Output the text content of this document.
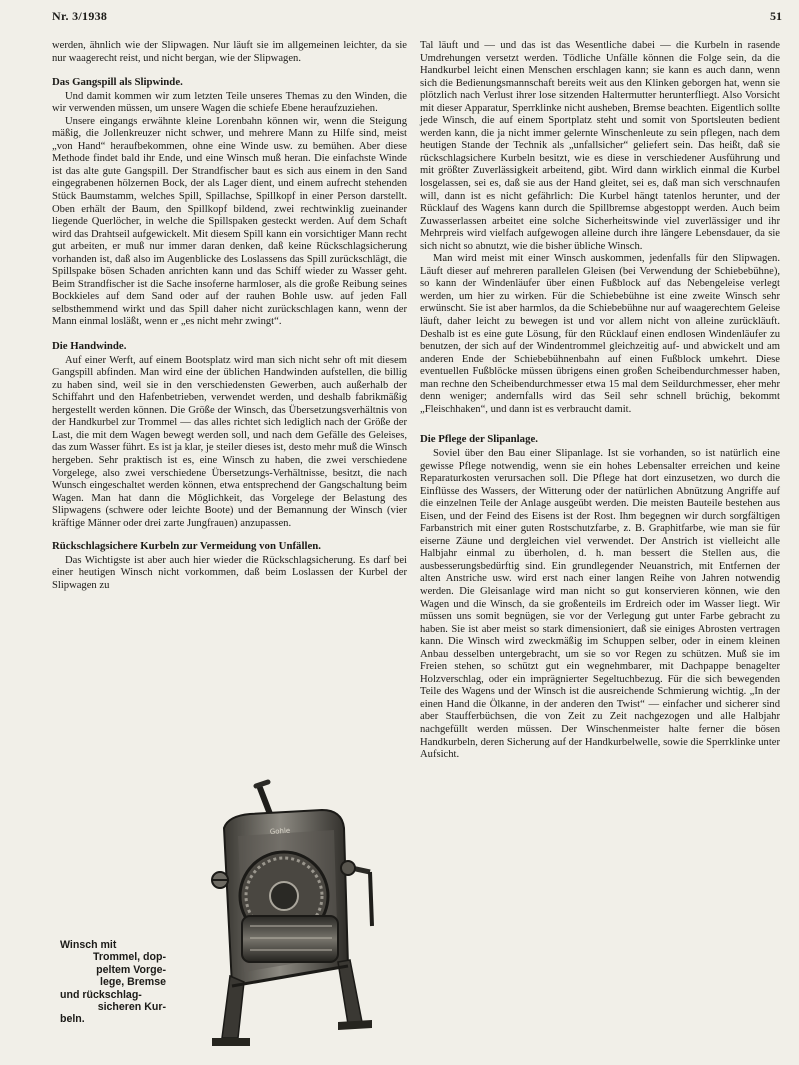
Nr. 3/1938	51

werden, ähnlich wie der Slipwagen. Nur läuft sie im allgemeinen leichter, da sie nur waagerecht reist, und nicht bergan, wie der Slipwagen.

Das Gangspill als Slipwinde.

Und damit kommen wir zum letzten Teile unseres Themas zu den Winden, die wir verwenden müssen, um unsere Wagen die schiefe Ebene heraufzuziehen.

Unsere eingangs erwähnte kleine Lorenbahn können wir, wenn die Steigung mäßig, die Jollenkreuzer nicht schwer, und mehrere Mann zu Hilfe sind, meist „von Hand“ heraufbekommen, ohne eine Winde usw. zu bemühen. Aber diese Methode findet bald ihr Ende, und eine Winsch muß heran. Die einfachste Winde ist das alte gute Gangspill. Der Strandfischer baut es sich aus einem in den Sand eingegrabenen hölzernen Bock, der als Lager dient, und einem aufrecht stehenden Stück Baumstamm, welches Spill, Spillachse, Spillkopf in einer Person darstellt. Oben erhält der Baum, den Spillkopf bildend, zwei rechtwinklig zueinander liegende Querlöcher, in welche die Spillspaken gesteckt werden. Auf dem Schaft wird das Drahtseil aufgewickelt. Mit diesem Spill kann ein vorsichtiger Mann recht gut arbeiten, er muß nur immer daran denken, daß keine Rückschlagsicherung vorhanden ist, daß also im Augenblicke des Loslassens das Spill zurückschlägt, die Spillspake bösen Schaden anrichten kann und das Schiff wieder zu Wasser geht. Beim Strandfischer ist die Sache insoferne harmloser, als die große Reibung seines Bockkieles auf dem Sand oder auf der rauhen Bohle usw. auf jeden Fall selbsthemmend wirkt und das Spill daher nicht zurückschlagen kann, wenn der Mann einmal losläßt, wenn er „es nicht mehr zwingt“.

Die Handwinde.

Auf einer Werft, auf einem Bootsplatz wird man sich nicht sehr oft mit diesem Gangspill abfinden. Man wird eine der üblichen Handwinden aufstellen, die billig zu haben sind, weil sie in den verschiedensten Gewerben, auch außerhalb der Schiffahrt und den Hafenbetrieben, verwendet werden, und deshalb fabrikmäßig hergestellt werden können. Die Größe der Winsch, das Übersetzungsverhältnis von der Handkurbel zur Trommel — das alles richtet sich lediglich nach der Größe der Last, die mit dem Wagen bewegt werden soll, und nach dem Gefälle des Geleises, das zum Wasser führt. Es ist ja klar, je steiler dieses ist, desto mehr muß die Winsch hergeben. Sehr praktisch ist es, eine Winsch zu haben, die zwei verschiedene Vorgelege, also zwei verschiedene Übersetzungs-Verhältnisse, besitzt, die nach Wunsch eingeschaltet werden können, etwa entsprechend der Gangschaltung beim Wagen. Man hat dann die Möglichkeit, das Vorgelege der Belastung des Slipwagens (schwere oder leichte Boote) und der Bemannung der Winsch (vier kräftige Männer oder drei zarte Jungfrauen) anzupassen.

Rückschlagsichere Kurbeln zur Vermeidung von Unfällen.

Das Wichtigste ist aber auch hier wieder die Rückschlagsicherung. Es darf bei einer heutigen Winsch nicht vorkommen, daß beim Loslassen der Kurbel der Slipwagen zu

Tal läuft und — und das ist das Wesentliche dabei — die Kurbeln in rasende Umdrehungen versetzt werden. Tödliche Unfälle können die Folge sein, da die Handkurbel leicht einen Menschen erschlagen kann; sie kann es auch dann, wenn sich die Bedienungsmannschaft bereits weit aus den Klinken geborgen hat, wenn sie plötzlich nach Verlust ihrer lose sitzenden Haltermutter herunterfliegt. Also Vorsicht mit dieser Apparatur, Sperrklinke nicht ausheben, Bremse beachten. Eigentlich sollte jede Winsch, die auf einem Sportplatz steht und somit von Sportsleuten bedient werden kann, die ja nicht immer gelernte Winschenleute zu sein pflegen, nach dem heutigen Stande der Technik als „unfallsicher“ geliefert sein. Das heißt, daß sie rückschlagsichere Kurbeln besitzt, wie es diese in verschiedener Ausführung und mit größter Zuverlässigkeit arbeitend, gibt. Wird dann wirklich einmal die Kurbel losgelassen, sei es, daß sie aus der Hand gleitet, sei es, daß man sich verschnaufen will, dann ist es nicht gefährlich: Die Kurbel hängt tatenlos herunter, und der Rücklauf des Wagens kann durch die Spillbremse abgestoppt werden. Auch beim Zuwasserlassen arbeitet eine solche Sicherheitswinde viel zuverlässiger und ihr Mehrpreis wird vielfach aufgewogen alleine durch ihre längere Lebensdauer, da sie sich nicht so abnutzt, wie die bisher übliche Winsch.

Man wird meist mit einer Winsch auskommen, jedenfalls für den Slipwagen. Läuft dieser auf mehreren parallelen Gleisen (bei Verwendung der Schiebebühne), so kann der Windenläufer über einen Fußblock auf das Nebengeleise verlegt werden, um hier zu wirken. Für die Schiebebühne ist eine zweite Winsch sehr erwünscht. Sie ist aber harmlos, da die Schiebebühne nur auf waagerechtem Geleise läuft, daher leicht zu bewegen ist und vor allem nicht von alleine zurückläuft. Deshalb ist es eine gute Lösung, für den Rücklauf einen endlosen Windenläufer zu benutzen, der sich auf der Windentrommel gleichzeitig auf- und abwickelt und am anderen Ende der Schiebebühnenbahn auf einen Fußblock umkehrt. Diese eventuellen Fußblöcke müssen übrigens einen großen Scheibendurchmesser haben, man rechne den Scheibendurchmesser etwa 15 mal dem Seildurchmesser, eher mehr denn weniger; andernfalls wird das Seil sehr schnell brüchig, bekommt „Fleischhaken“, und dann ist es verbraucht damit.

Die Pflege der Slipanlage.

Soviel über den Bau einer Slipanlage. Ist sie vorhanden, so ist natürlich eine gewisse Pflege notwendig, wenn sie ein hohes Lebensalter erreichen und keine Reparaturkosten verursachen soll. Die Pflege hat dort einzusetzen, wo durch die Einflüsse des Wassers, der Witterung oder der natürlichen Abnützung Angriffe auf die einzelnen Teile der Anlage ausgeübt werden. Die meisten Bauteile bestehen aus Eisen, und der Feind des Eisens ist der Rost. Ihm begegnen wir durch sorgfältigen Farbanstrich mit einer guten Rostschutzfarbe, z. B. Graphitfarbe, wie man sie für eiserne Zäune und dergleichen viel verwendet. Der Anstrich ist vielleicht alle Halbjahr einmal zu überholen, d. h. man bessert die Stellen aus, die ausbesserungsbedürftig sind. Ein grundlegender Neuanstrich, mit Entfernen der alten Anstriche usw. wird erst nach einer langen Reihe von Jahren notwendig werden. Die Gleisanlage wird man nicht so gut konservieren können, wie den Wagen und die Winsch, da sie großenteils im Erdreich oder im Wasser liegt. Wir müssen uns somit begnügen, sie vor der Verlegung gut unter Farbe gebracht zu haben. Sie ist aber meist so stark dimensioniert, daß sie einiges Abrosten vertragen kann. Die Winsch wird zweckmäßig im Schuppen selber, oder in einem kleinen Anbau desselben untergebracht, um sie so vor Regen zu schützen. Muß sie im Freien stehen, so schützt gut ein wegnehmbarer, mit Dachpappe benagelter Holzverschlag, oder ein imprägnierter Segeltuchbezug. Für die sich bewegenden Teile des Wagens und der Winsch ist die ausreichende Schmierung wichtig. „In der einen Hand die Ölkanne, in der anderen den Twist“ — einfacher und sicherer sind aber Staufferbüchsen, die von Zeit zu Zeit nachgezogen und alle Halbjahr nachgefüllt werden müssen. Der Winschenmeister halte ferner die bösen Handkurbeln, deren Sicherung auf der Handkurbelwelle, sowie die Sperrklinke unter Aufsicht.

Winsch mit
Trommel, dop-
peltem Vorge-
lege, Bremse
und rückschlag-
sicheren Kur-
beln.
Gohle
